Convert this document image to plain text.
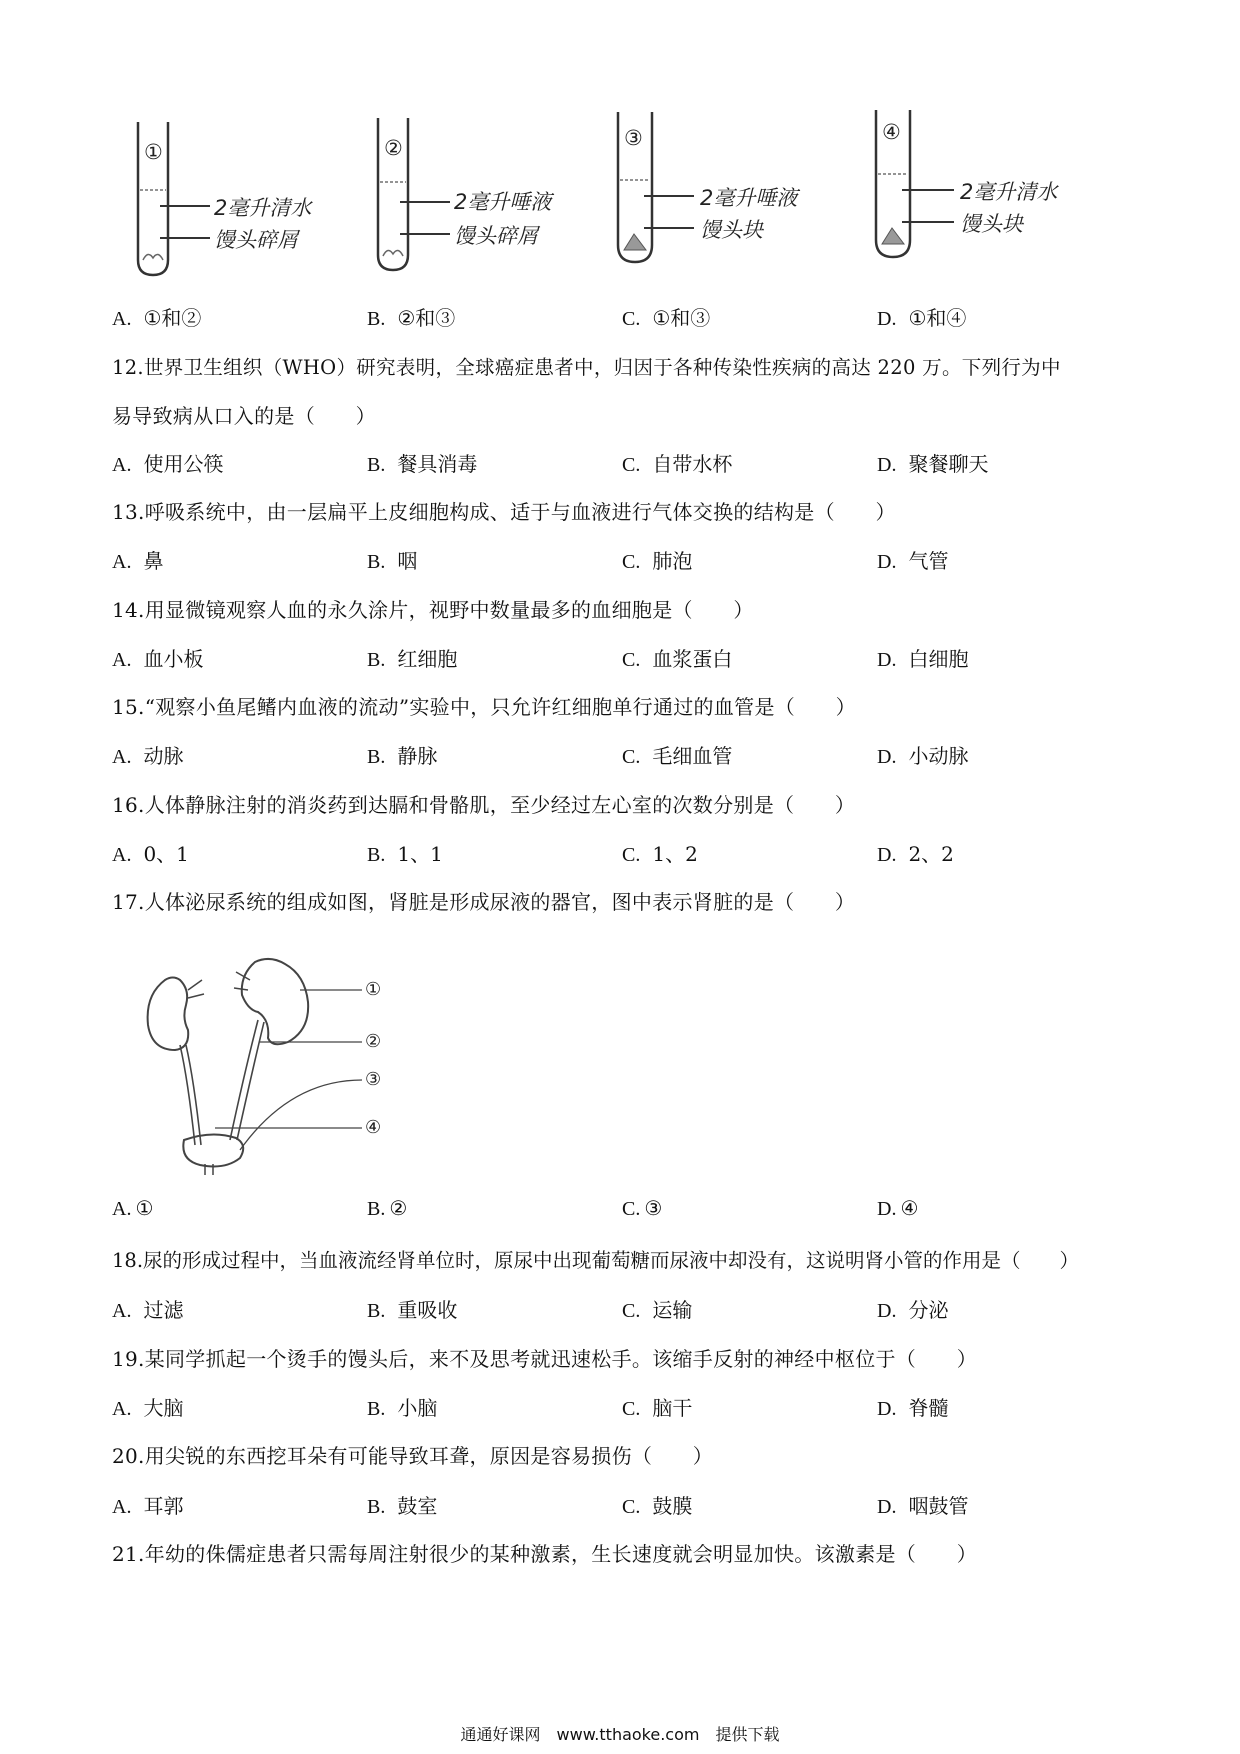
①
2毫升清水
馒头碎屑
②
2毫升唾液
馒头碎屑
③
2毫升唾液
馒头块
④
2毫升清水
馒头块
A. ①和②	B. ②和③	C. ①和③	D. ①和④
12.世界卫生组织（WHO）研究表明，全球癌症患者中，归因于各种传染性疾病的高达 220 万。下列行为中
易导致病从口入的是（　　）
A. 使用公筷	B. 餐具消毒	C. 自带水杯	D. 聚餐聊天
13.呼吸系统中，由一层扁平上皮细胞构成、适于与血液进行气体交换的结构是（　　）
A. 鼻	B. 咽	C. 肺泡	D. 气管
14.用显微镜观察人血的永久涂片，视野中数量最多的血细胞是（　　）
A. 血小板	B. 红细胞	C. 血浆蛋白	D. 白细胞
15.“观察小鱼尾鳍内血液的流动”实验中，只允许红细胞单行通过的血管是（　　）
A. 动脉	B. 静脉	C. 毛细血管	D. 小动脉
16.人体静脉注射的消炎药到达膈和骨骼肌，至少经过左心室的次数分别是（　　）
A. 0、1	B. 1、1	C. 1、2	D. 2、2
17.人体泌尿系统的组成如图，肾脏是形成尿液的器官，图中表示肾脏的是（　　）
①
②
③
④
A. ①	B. ②	C. ③	D. ④
18.尿的形成过程中，当血液流经肾单位时，原尿中出现葡萄糖而尿液中却没有，这说明肾小管的作用是（　　）
A. 过滤	B. 重吸收	C. 运输	D. 分泌
19.某同学抓起一个烫手的馒头后，来不及思考就迅速松手。该缩手反射的神经中枢位于（　　）
A. 大脑	B. 小脑	C. 脑干	D. 脊髓
20.用尖锐的东西挖耳朵有可能导致耳聋，原因是容易损伤（　　）
A. 耳郭	B. 鼓室	C. 鼓膜	D. 咽鼓管
21.年幼的侏儒症患者只需每周注射很少的某种激素，生长速度就会明显加快。该激素是（　　）
通通好课网　www.tthaoke.com　提供下载
